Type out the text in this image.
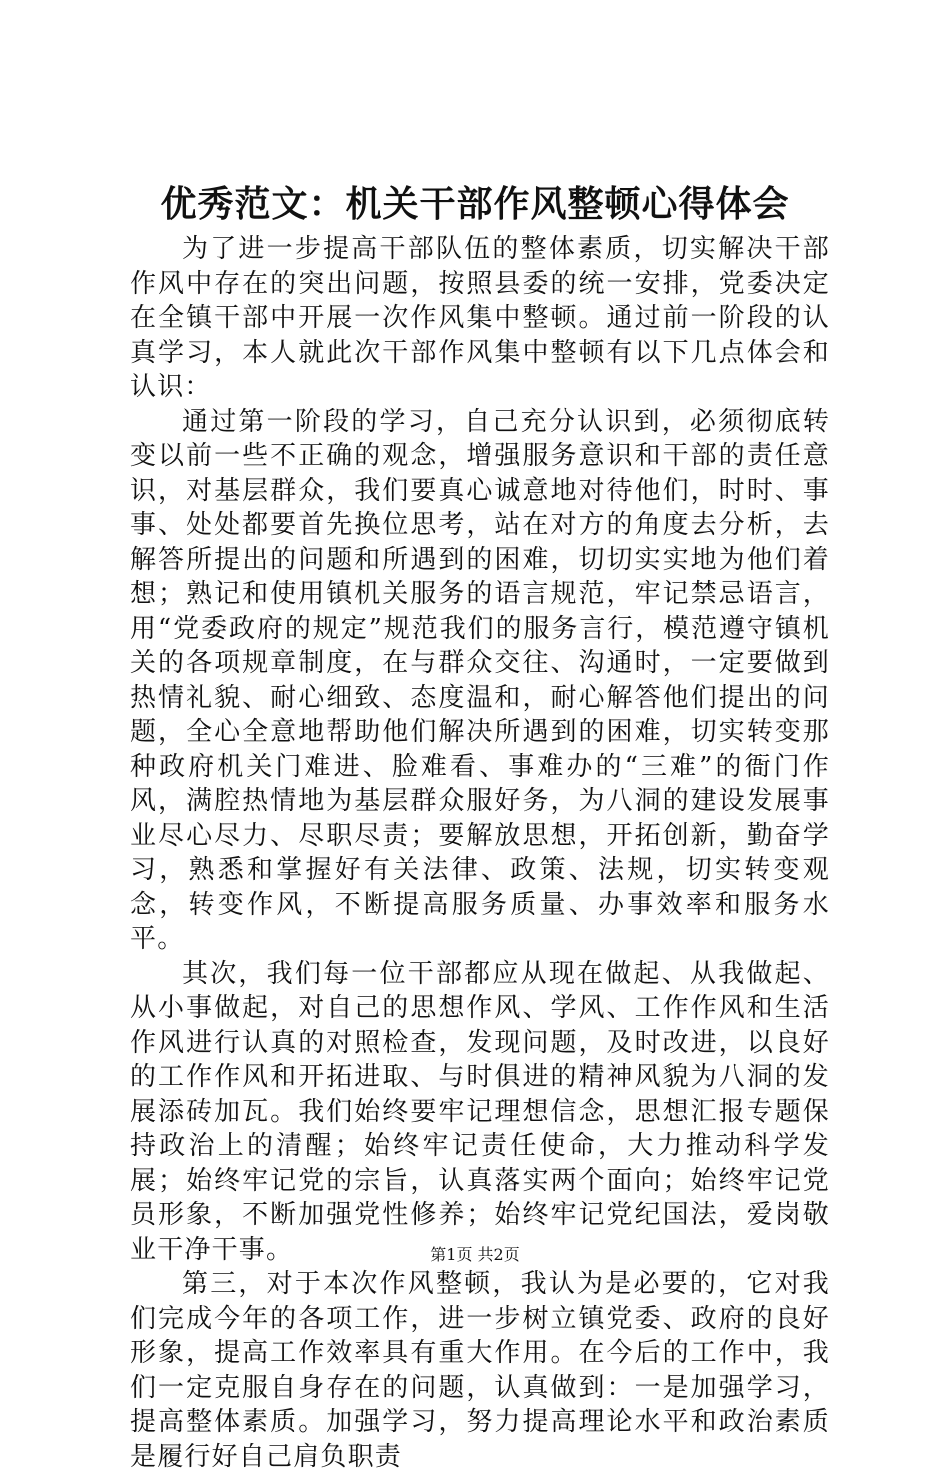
优秀范文：机关干部作风整顿心得体会

为了进一步提高干部队伍的整体素质，切实解决干部作风中存在的突出问题，按照县委的统一安排，党委决定在全镇干部中开展一次作风集中整顿。通过前一阶段的认真学习，本人就此次干部作风集中整顿有以下几点体会和认识：

通过第一阶段的学习，自己充分认识到，必须彻底转变以前一些不正确的观念，增强服务意识和干部的责任意识，对基层群众，我们要真心诚意地对待他们，时时、事事、处处都要首先换位思考，站在对方的角度去分析，去解答所提出的问题和所遇到的困难，切切实实地为他们着想；熟记和使用镇机关服务的语言规范，牢记禁忌语言，用“党委政府的规定”规范我们的服务言行，模范遵守镇机关的各项规章制度，在与群众交往、沟通时，一定要做到热情礼貌、耐心细致、态度温和，耐心解答他们提出的问题，全心全意地帮助他们解决所遇到的困难，切实转变那种政府机关门难进、脸难看、事难办的“三难”的衙门作风，满腔热情地为基层群众服好务，为八洞的建设发展事业尽心尽力、尽职尽责；要解放思想，开拓创新，勤奋学习，熟悉和掌握好有关法律、政策、法规，切实转变观念，转变作风，不断提高服务质量、办事效率和服务水平。

其次，我们每一位干部都应从现在做起、从我做起、从小事做起，对自己的思想作风、学风、工作作风和生活作风进行认真的对照检查，发现问题，及时改进，以良好的工作作风和开拓进取、与时俱进的精神风貌为八洞的发展添砖加瓦。我们始终要牢记理想信念，思想汇报专题保持政治上的清醒；始终牢记责任使命，大力推动科学发展；始终牢记党的宗旨，认真落实两个面向；始终牢记党员形象，不断加强党性修养；始终牢记党纪国法，爱岗敬业干净干事。

第三，对于本次作风整顿，我认为是必要的，它对我们完成今年的各项工作，进一步树立镇党委、政府的良好形象，提高工作效率具有重大作用。在今后的工作中，我们一定克服自身存在的问题，认真做到：一是加强学习，提高整体素质。加强学习，努力提高理论水平和政治素质是履行好自己肩负职责

第1页 共2页
